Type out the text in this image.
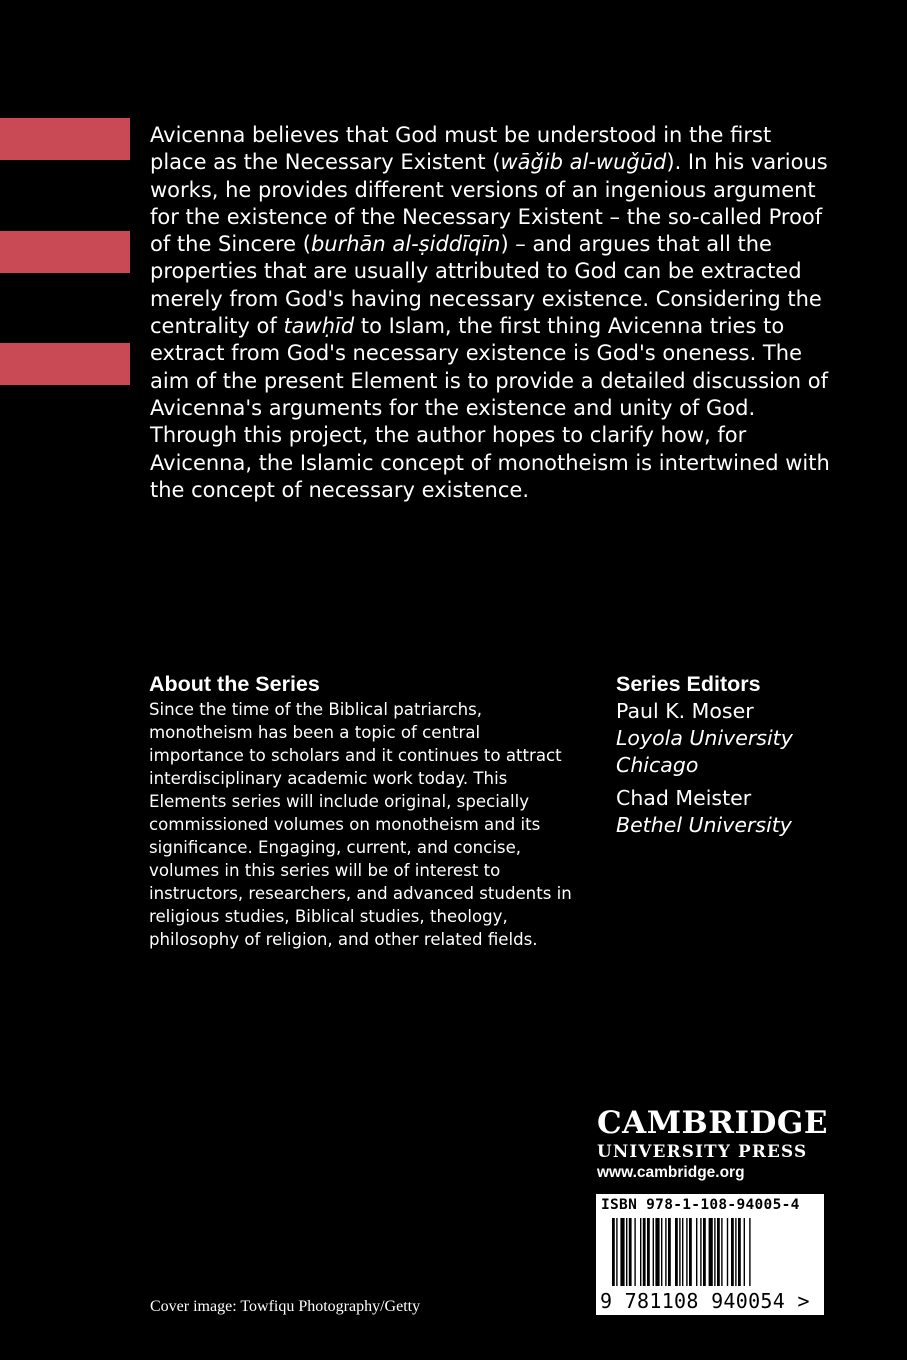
Avicenna believes that God must be understood in the first place as the Necessary Existent (wāǧib al-wuǧūd). In his various works, he provides different versions of an ingenious argument for the existence of the Necessary Existent – the so-called Proof of the Sincere (burhān al-ṣiddīqīn) – and argues that all the properties that are usually attributed to God can be extracted merely from God's having necessary existence. Considering the centrality of tawḥīd to Islam, the first thing Avicenna tries to extract from God's necessary existence is God's oneness. The aim of the present Element is to provide a detailed discussion of Avicenna's arguments for the existence and unity of God. Through this project, the author hopes to clarify how, for Avicenna, the Islamic concept of monotheism is intertwined with the concept of necessary existence.

About the Series

Since the time of the Biblical patriarchs, monotheism has been a topic of central importance to scholars and it continues to attract interdisciplinary academic work today. This Elements series will include original, specially commissioned volumes on monotheism and its significance. Engaging, current, and concise, volumes in this series will be of interest to instructors, researchers, and advanced students in religious studies, Biblical studies, theology, philosophy of religion, and other related fields.

Series Editors
Paul K. Moser
Loyola University Chicago
Chad Meister
Bethel University
CAMBRIDGE
UNIVERSITY PRESS
www.cambridge.org
ISBN 978-1-108-94005-4
9 781108 940054 >
Cover image: Towfiqu Photography/Getty
